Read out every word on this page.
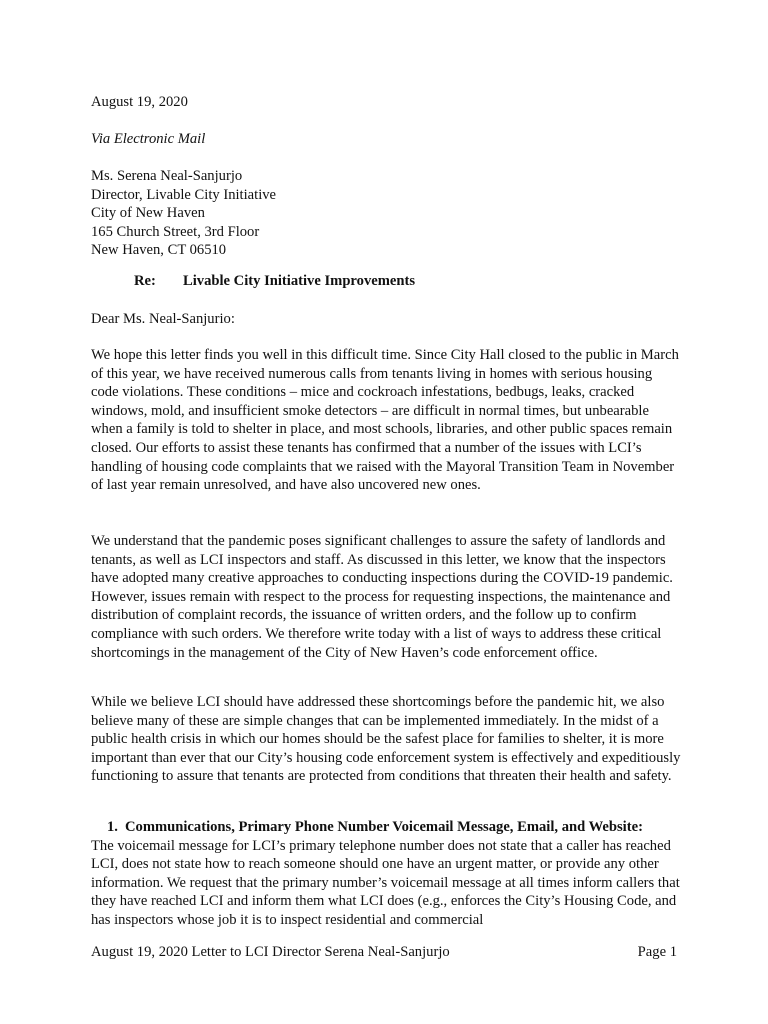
August 19, 2020

Via Electronic Mail

Ms. Serena Neal-Sanjurjo
Director, Livable City Initiative
City of New Haven
165 Church Street, 3rd Floor
New Haven, CT 06510
Re: Livable City Initiative Improvements

Dear Ms. Neal-Sanjurio:

We hope this letter finds you well in this difficult time. Since City Hall closed to the public in March of this year, we have received numerous calls from tenants living in homes with serious housing code violations. These conditions – mice and cockroach infestations, bedbugs, leaks, cracked windows, mold, and insufficient smoke detectors – are difficult in normal times, but unbearable when a family is told to shelter in place, and most schools, libraries, and other public spaces remain closed. Our efforts to assist these tenants has confirmed that a number of the issues with LCI’s handling of housing code complaints that we raised with the Mayoral Transition Team in November of last year remain unresolved, and have also uncovered new ones.

We understand that the pandemic poses significant challenges to assure the safety of landlords and tenants, as well as LCI inspectors and staff. As discussed in this letter, we know that the inspectors have adopted many creative approaches to conducting inspections during the COVID-19 pandemic. However, issues remain with respect to the process for requesting inspections, the maintenance and distribution of complaint records, the issuance of written orders, and the follow up to confirm compliance with such orders. We therefore write today with a list of ways to address these critical shortcomings in the management of the City of New Haven’s code enforcement office.

While we believe LCI should have addressed these shortcomings before the pandemic hit, we also believe many of these are simple changes that can be implemented immediately. In the midst of a public health crisis in which our homes should be the safest place for families to shelter, it is more important than ever that our City’s housing code enforcement system is effectively and expeditiously functioning to assure that tenants are protected from conditions that threaten their health and safety.

1. Communications, Primary Phone Number Voicemail Message, Email, and Website:

The voicemail message for LCI’s primary telephone number does not state that a caller has reached LCI, does not state how to reach someone should one have an urgent matter, or provide any other information. We request that the primary number’s voicemail message at all times inform callers that they have reached LCI and inform them what LCI does (e.g., enforces the City’s Housing Code, and has inspectors whose job it is to inspect residential and commercial

August 19, 2020 Letter to LCI Director Serena Neal-Sanjurjo	Page 1
